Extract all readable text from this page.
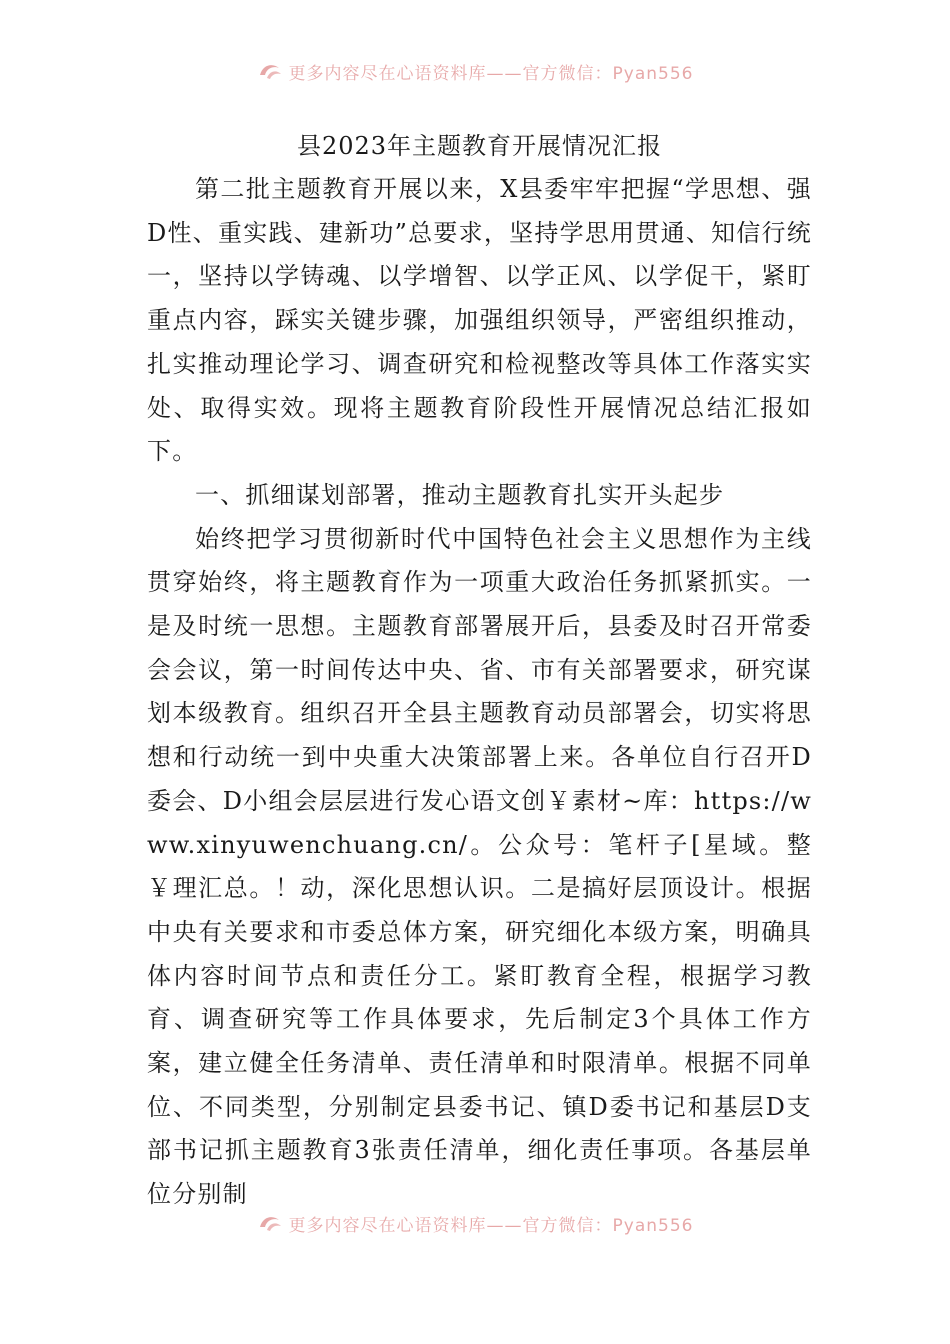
更多内容尽在心语资料库——官方微信：Pyan556

县2023年主题教育开展情况汇报

第二批主题教育开展以来，X县委牢牢把握“学思想、强D性、重实践、建新功”总要求，坚持学思用贯通、知信行统一，坚持以学铸魂、以学增智、以学正风、以学促干，紧盯重点内容，踩实关键步骤，加强组织领导，严密组织推动，扎实推动理论学习、调查研究和检视整改等具体工作落实实处、取得实效。现将主题教育阶段性开展情况总结汇报如下。

一、抓细谋划部署，推动主题教育扎实开头起步

始终把学习贯彻新时代中国特色社会主义思想作为主线贯穿始终，将主题教育作为一项重大政治任务抓紧抓实。一是及时统一思想。主题教育部署展开后，县委及时召开常委会会议，第一时间传达中央、省、市有关部署要求，研究谋划本级教育。组织召开全县主题教育动员部署会，切实将思想和行动统一到中央重大决策部署上来。各单位自行召开D委会、D小组会层层进行发心语文创￥素材~库：https://www.xinyuwenchuang.cn/。公众号：笔杆子[星域。整￥理汇总。！动，深化思想认识。二是搞好层顶设计。根据中央有关要求和市委总体方案，研究细化本级方案，明确具体内容时间节点和责任分工。紧盯教育全程，根据学习教育、调查研究等工作具体要求，先后制定3个具体工作方案，建立健全任务清单、责任清单和时限清单。根据不同单位、不同类型，分别制定县委书记、镇D委书记和基层D支部书记抓主题教育3张责任清单，细化责任事项。各基层单位分别制

更多内容尽在心语资料库——官方微信：Pyan556
